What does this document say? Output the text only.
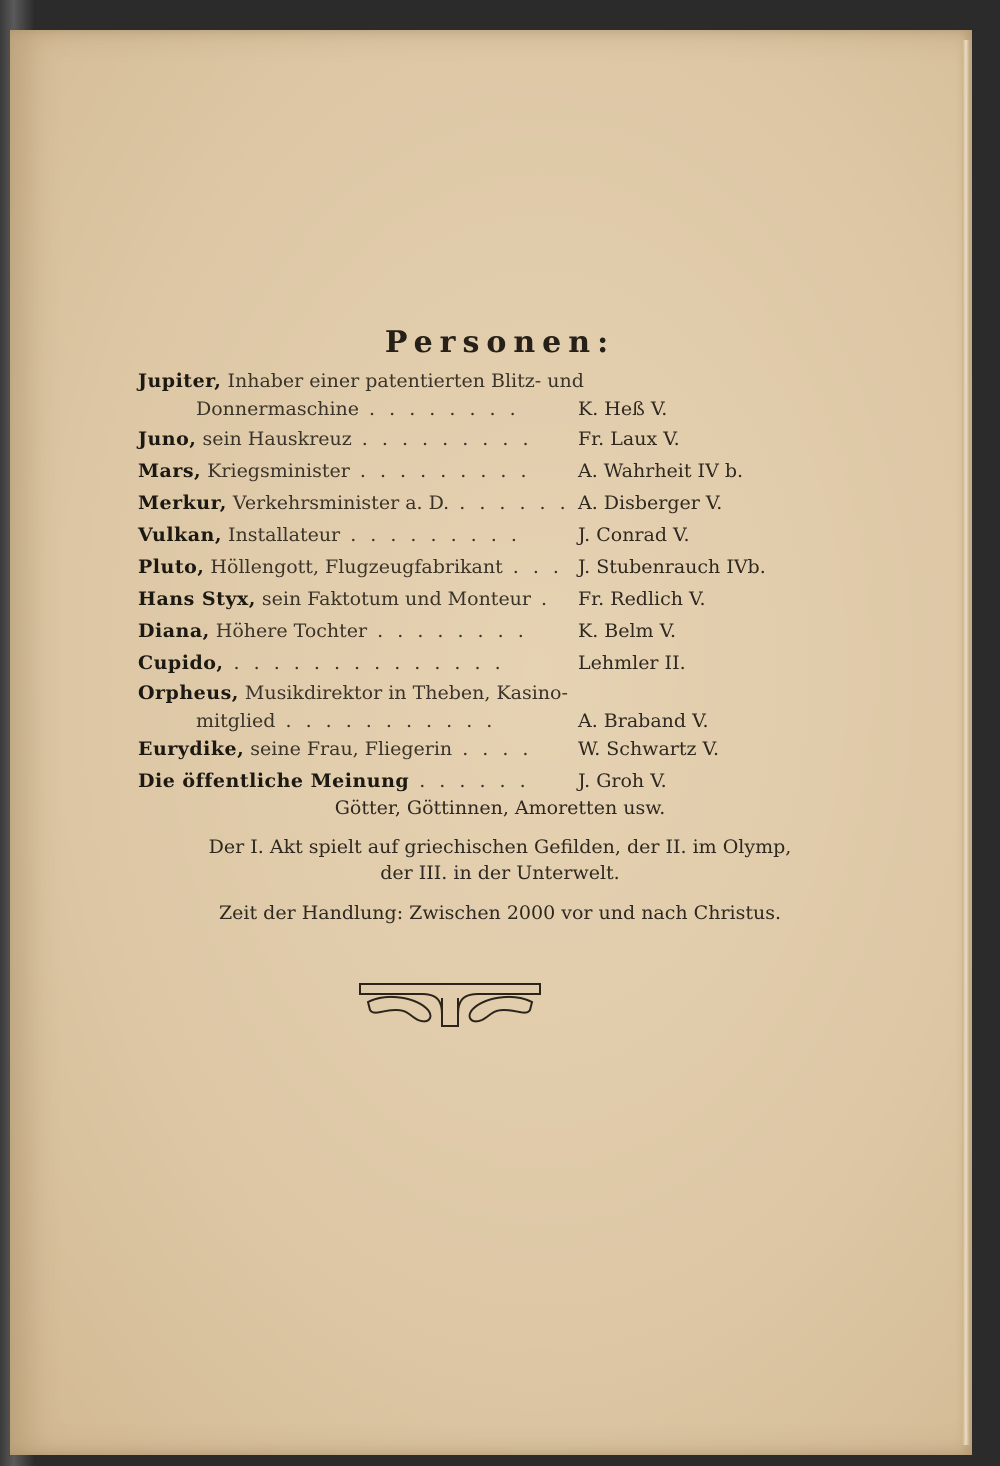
Personen:
Jupiter, Inhaber einer patentierten Blitz- und
Donnermaschine . . . . . . . .	K. Heß V.
Juno, sein Hauskreuz . . . . . . . . . Fr. Laux V.
Mars, Kriegsminister . . . . . . . . . A. Wahrheit IV b.
Merkur, Verkehrsminister a. D. . . . . . . A. Disberger V.
Vulkan, Installateur . . . . . . . . .	J. Conrad V.
Pluto, Höllengott, Flugzeugfabrikant . . . J. Stubenrauch IVb.
Hans Styx, sein Faktotum und Monteur . Fr. Redlich V.
Diana, Höhere Tochter . . . . . . . .	K. Belm V.
Cupido, . . . . . . . . . . . . . .	Lehmler II.
Orpheus, Musikdirektor in Theben, Kasino-
mitglied . . . . . . . . . . .	A. Braband V.
Eurydike, seine Frau, Fliegerin . . . . W. Schwartz V.
Die öffentliche Meinung . . . . . .	J. Groh V.
Götter, Göttinnen, Amoretten usw.
Der I. Akt spielt auf griechischen Gefilden, der II. im Olymp,
der III. in der Unterwelt.
Zeit der Handlung: Zwischen 2000 vor und nach Christus.
